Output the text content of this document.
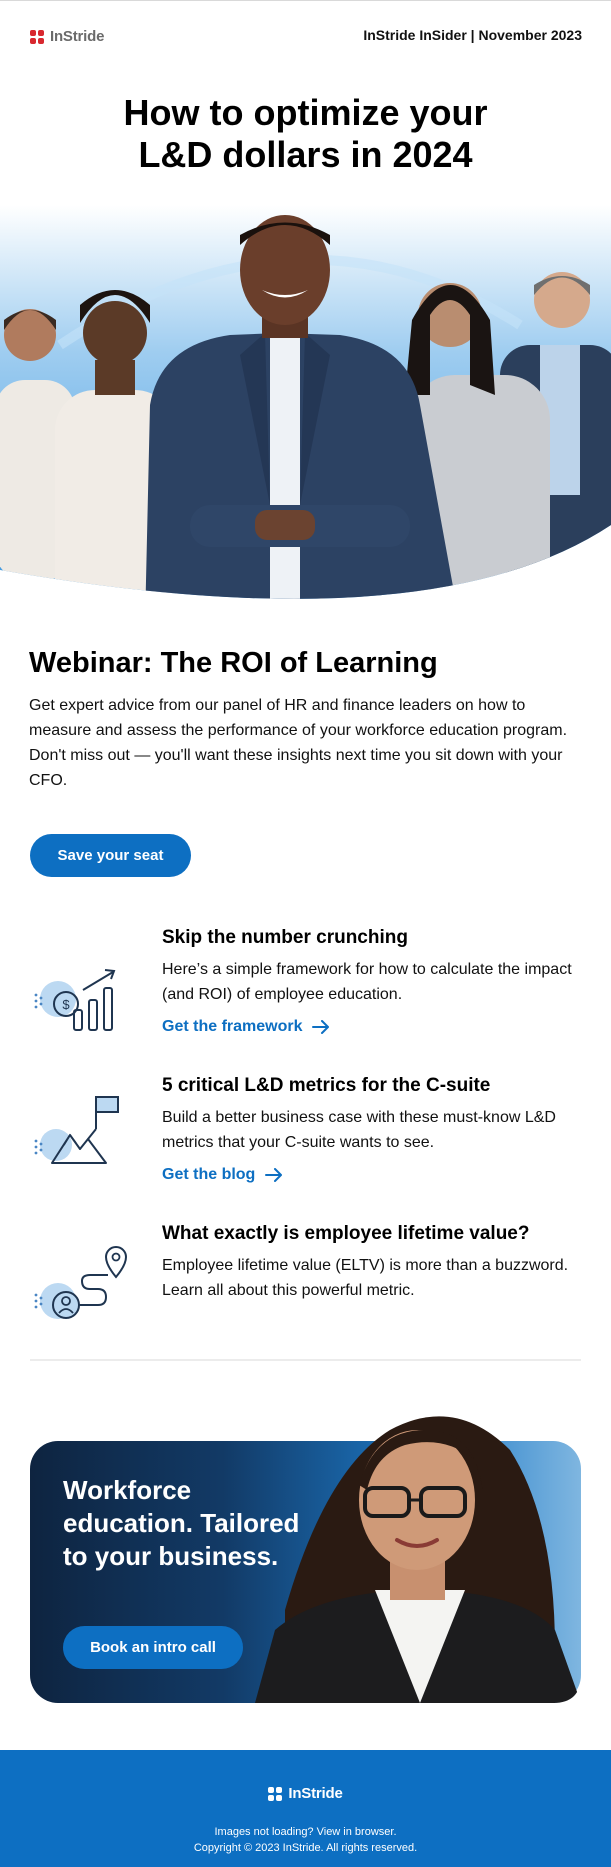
InStride	InStride InSider | November 2023
How to optimize your
L&D dollars in 2024
Webinar: The ROI of Learning
Get expert advice from our panel of HR and finance leaders on how to measure and assess the performance of your workforce education program. Don't miss out — you'll want these insights next time you sit down with your CFO.
Save your seat
$
Skip the number crunching
Here’s a simple framework for how to calculate the impact (and ROI) of employee education.
Get the framework
5 critical L&D metrics for the C-suite
Build a better business case with these must-know L&D metrics that your C-suite wants to see.
Get the blog
What exactly is employee lifetime value?
Employee lifetime value (ELTV) is more than a buzzword. Learn all about this powerful metric.
Workforce education. Tailored to your business.
Book an intro call
InStride
Images not loading? View in browser.
Copyright © 2023 InStride. All rights reserved.
